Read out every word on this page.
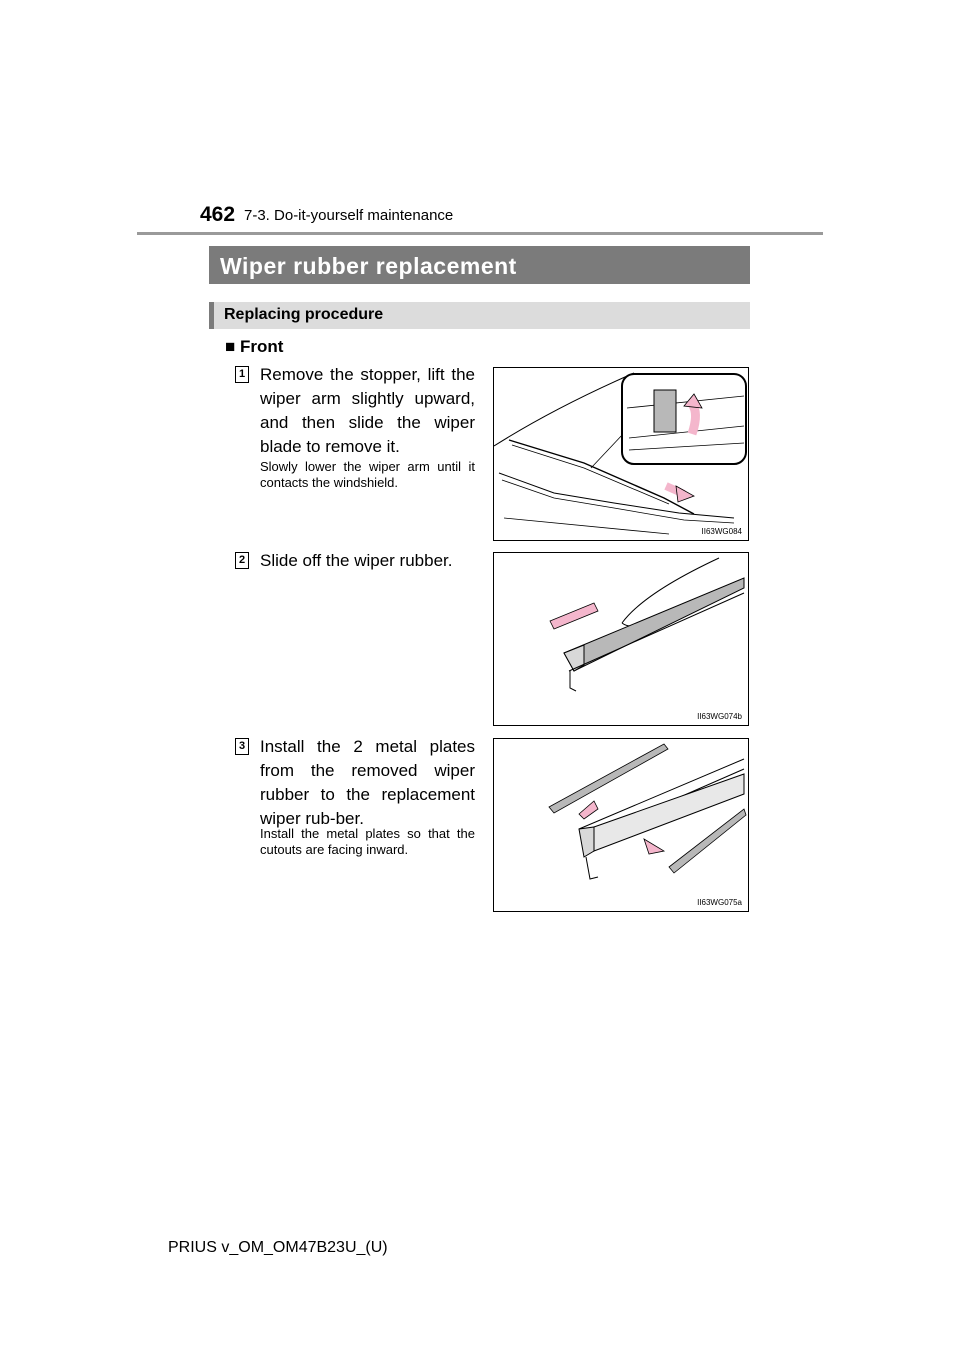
462 7-3. Do-it-yourself maintenance
Wiper rubber replacement
Replacing procedure
■ Front
1 Remove the stopper, lift the wiper arm slightly upward, and then slide the wiper blade to remove it.
Slowly lower the wiper arm until it contacts the windshield.
II63WG084
2 Slide off the wiper rubber.
II63WG074b
3 Install the 2 metal plates from the removed wiper rubber to the replacement wiper rub-ber.
Install the metal plates so that the cutouts are facing inward.
II63WG075a
PRIUS v_OM_OM47B23U_(U)
